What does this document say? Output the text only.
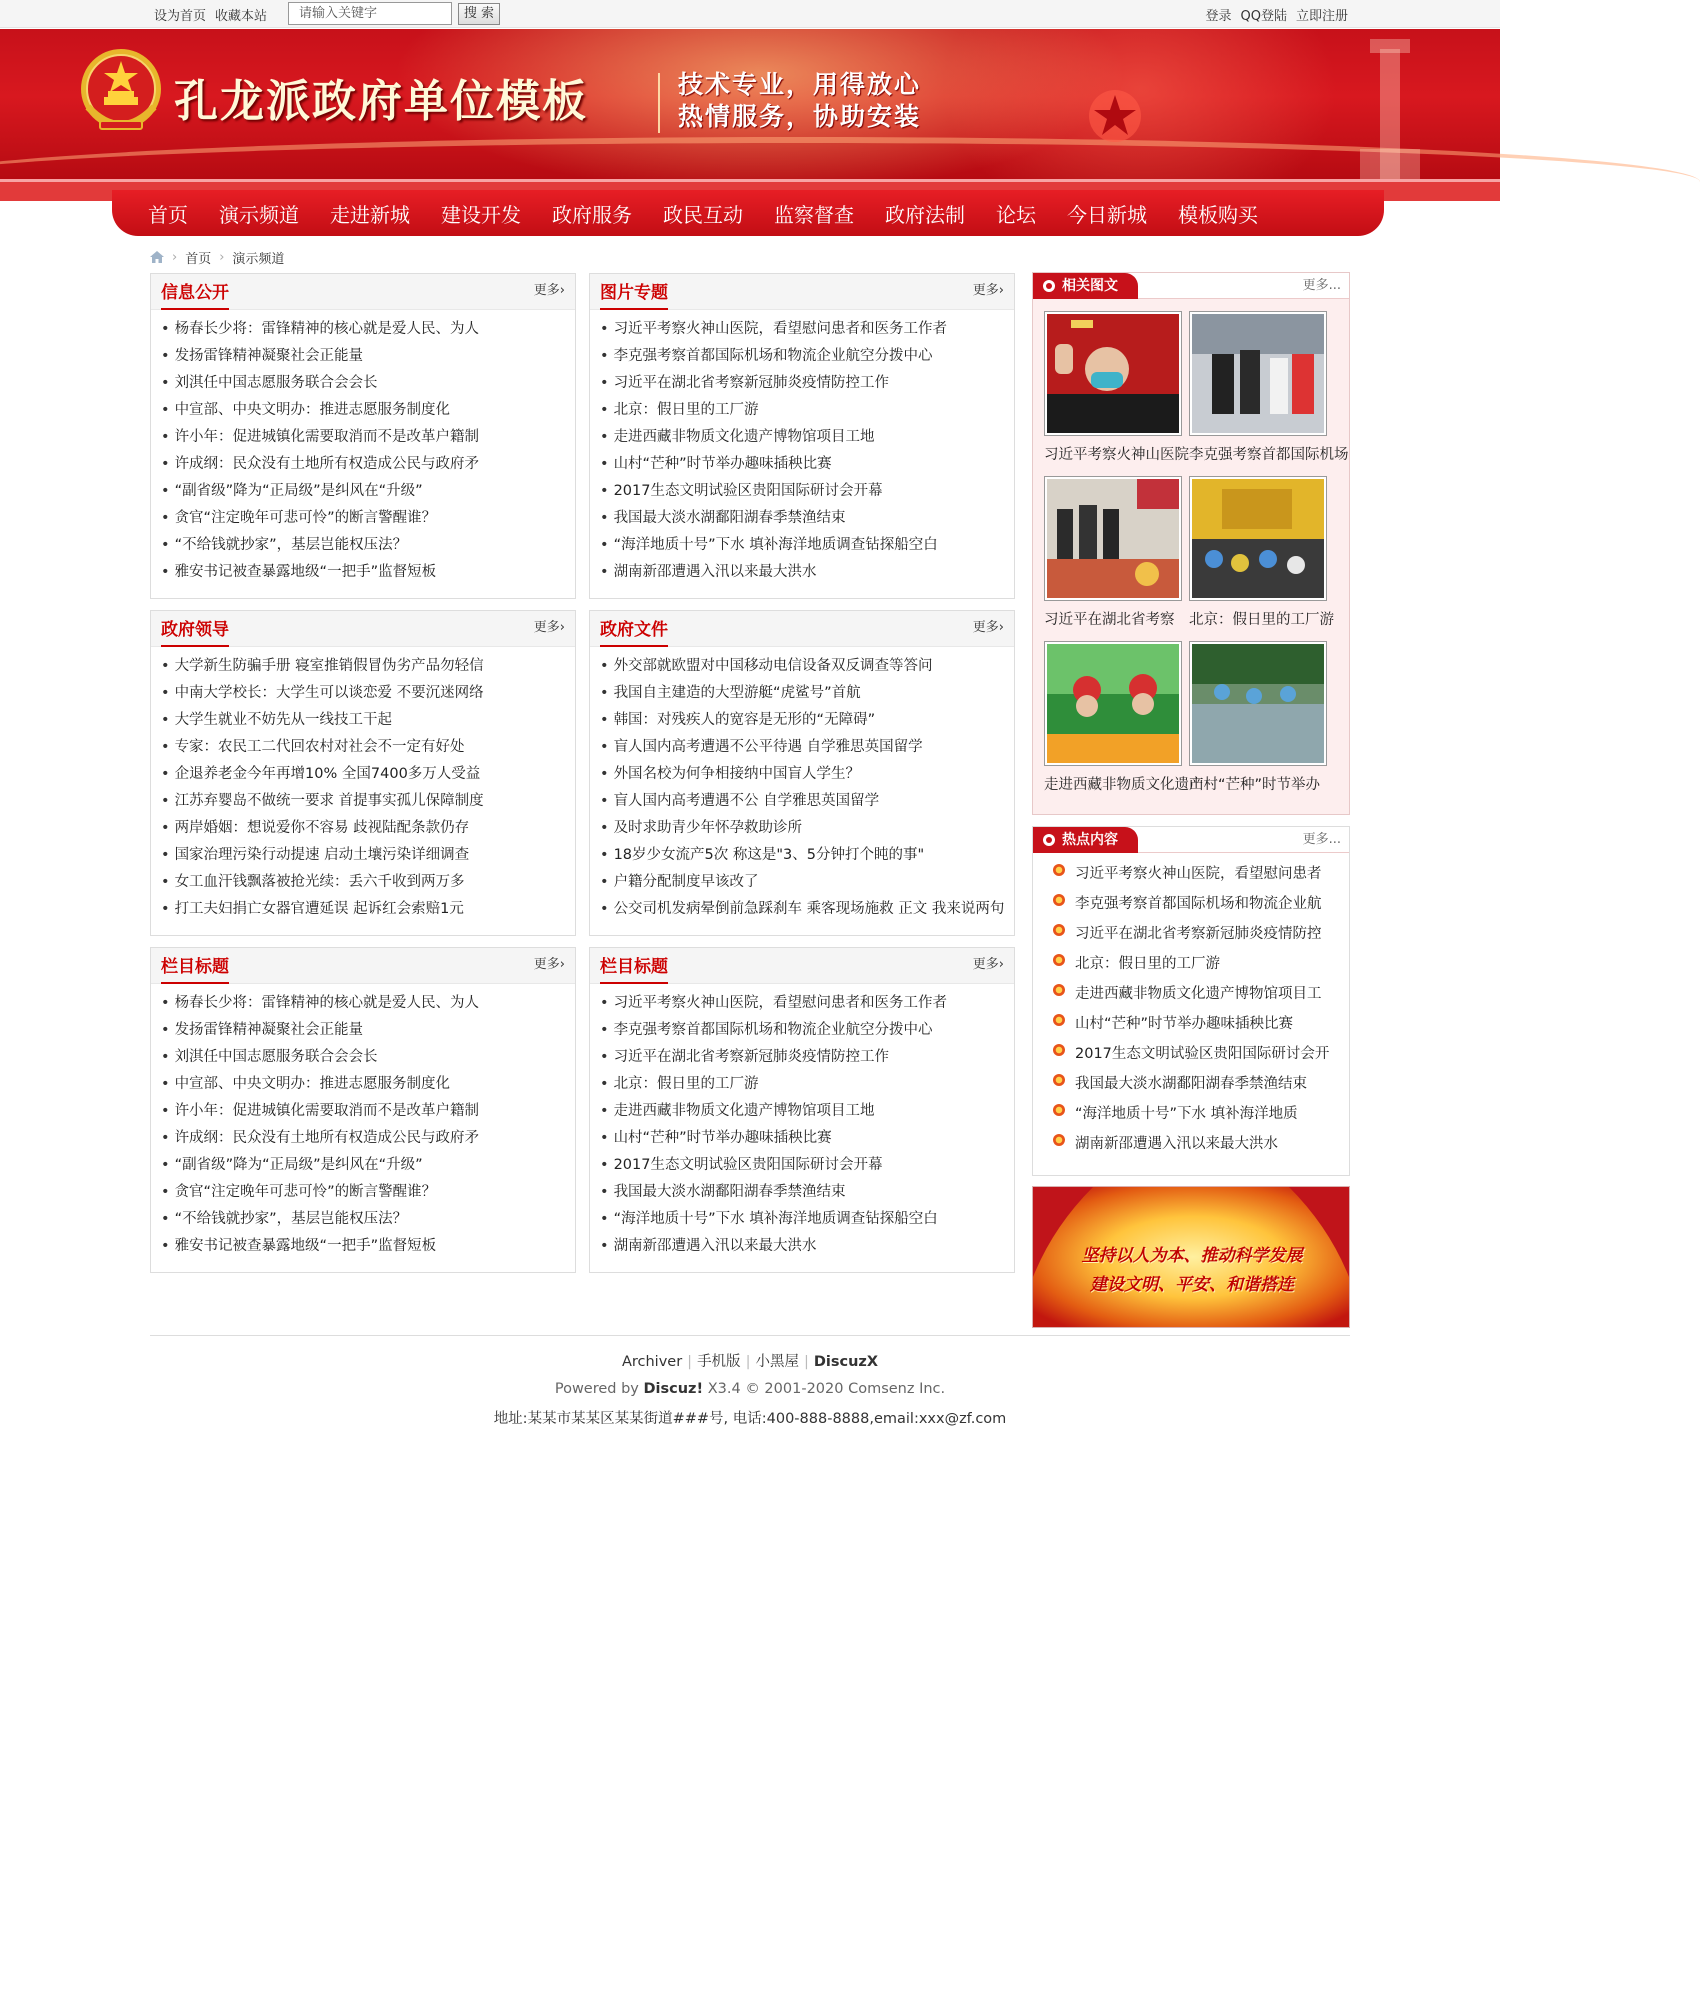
设为首页 收藏本站	请输入关键字	搜 索	登录 QQ登陆 立即注册
孔龙派政府单位模板	技术专业，用得放心
热情服务，协助安装
首页 演示频道 走进新城 建设开发 政府服务 政民互动 监察督查 政府法制 论坛 今日新城 模板购买
› 首页 › 演示频道
信息公开	更多›
• 杨春长少将：雷锋精神的核心就是爱人民、为人
• 发扬雷锋精神凝聚社会正能量
• 刘淇任中国志愿服务联合会会长
• 中宣部、中央文明办：推进志愿服务制度化
• 许小年：促进城镇化需要取消而不是改革户籍制
• 许成纲：民众没有土地所有权造成公民与政府矛
• “副省级”降为“正局级”是纠风在“升级”
• 贪官“注定晚年可悲可怜”的断言警醒谁？
• “不给钱就抄家”，基层岂能权压法？
• 雅安书记被查暴露地级“一把手”监督短板
图片专题	更多›
• 习近平考察火神山医院，看望慰问患者和医务工作者
• 李克强考察首都国际机场和物流企业航空分拨中心
• 习近平在湖北省考察新冠肺炎疫情防控工作
• 北京：假日里的工厂游
• 走进西藏非物质文化遗产博物馆项目工地
• 山村“芒种”时节举办趣味插秧比赛
• 2017生态文明试验区贵阳国际研讨会开幕
• 我国最大淡水湖鄱阳湖春季禁渔结束
• “海洋地质十号”下水 填补海洋地质调查钻探船空白
• 湖南新邵遭遇入汛以来最大洪水
政府领导	更多›
• 大学新生防骗手册 寝室推销假冒伪劣产品勿轻信
• 中南大学校长：大学生可以谈恋爱 不要沉迷网络
• 大学生就业不妨先从一线技工干起
• 专家：农民工二代回农村对社会不一定有好处
• 企退养老金今年再增10% 全国7400多万人受益
• 江苏弃婴岛不做统一要求 首提事实孤儿保障制度
• 两岸婚姻：想说爱你不容易 歧视陆配条款仍存
• 国家治理污染行动提速 启动土壤污染详细调查
• 女工血汗钱飘落被抢光续：丢六千收到两万多
• 打工夫妇捐亡女器官遭延误 起诉红会索赔1元
政府文件	更多›
• 外交部就欧盟对中国移动电信设备双反调查等答问
• 我国自主建造的大型游艇“虎鲨号”首航
• 韩国：对残疾人的宽容是无形的“无障碍”
• 盲人国内高考遭遇不公平待遇 自学雅思英国留学
• 外国名校为何争相接纳中国盲人学生？
• 盲人国内高考遭遇不公 自学雅思英国留学
• 及时求助青少年怀孕救助诊所
• 18岁少女流产5次 称这是"3、5分钟打个盹的事"
• 户籍分配制度早该改了
• 公交司机发病晕倒前急踩刹车 乘客现场施救 正文 我来说两句
栏目标题	更多›
• 杨春长少将：雷锋精神的核心就是爱人民、为人
• 发扬雷锋精神凝聚社会正能量
• 刘淇任中国志愿服务联合会会长
• 中宣部、中央文明办：推进志愿服务制度化
• 许小年：促进城镇化需要取消而不是改革户籍制
• 许成纲：民众没有土地所有权造成公民与政府矛
• “副省级”降为“正局级”是纠风在“升级”
• 贪官“注定晚年可悲可怜”的断言警醒谁？
• “不给钱就抄家”，基层岂能权压法？
• 雅安书记被查暴露地级“一把手”监督短板
栏目标题	更多›
• 习近平考察火神山医院，看望慰问患者和医务工作者
• 李克强考察首都国际机场和物流企业航空分拨中心
• 习近平在湖北省考察新冠肺炎疫情防控工作
• 北京：假日里的工厂游
• 走进西藏非物质文化遗产博物馆项目工地
• 山村“芒种”时节举办趣味插秧比赛
• 2017生态文明试验区贵阳国际研讨会开幕
• 我国最大淡水湖鄱阳湖春季禁渔结束
• “海洋地质十号”下水 填补海洋地质调查钻探船空白
• 湖南新邵遭遇入汛以来最大洪水
相关图文	更多...
习近平考察火神山医院 李克强考察首都国际机场
习近平在湖北省考察	北京：假日里的工厂游
走进西藏非物质文化遗产
山村“芒种”时节举办
热点内容	更多...
习近平考察火神山医院，看望慰问患者
李克强考察首都国际机场和物流企业航
习近平在湖北省考察新冠肺炎疫情防控
北京：假日里的工厂游
走进西藏非物质文化遗产博物馆项目工
山村“芒种”时节举办趣味插秧比赛
2017生态文明试验区贵阳国际研讨会开
我国最大淡水湖鄱阳湖春季禁渔结束
“海洋地质十号”下水 填补海洋地质
湖南新邵遭遇入汛以来最大洪水
坚持以人为本、推动科学发展
建设文明、平安、和谐搭连
Archiver | 手机版 | 小黑屋 | DiscuzX
Powered by Discuz! X3.4 © 2001-2020 Comsenz Inc.
地址:某某市某某区某某街道###号, 电话:400-888-8888,email:xxx@zf.com
